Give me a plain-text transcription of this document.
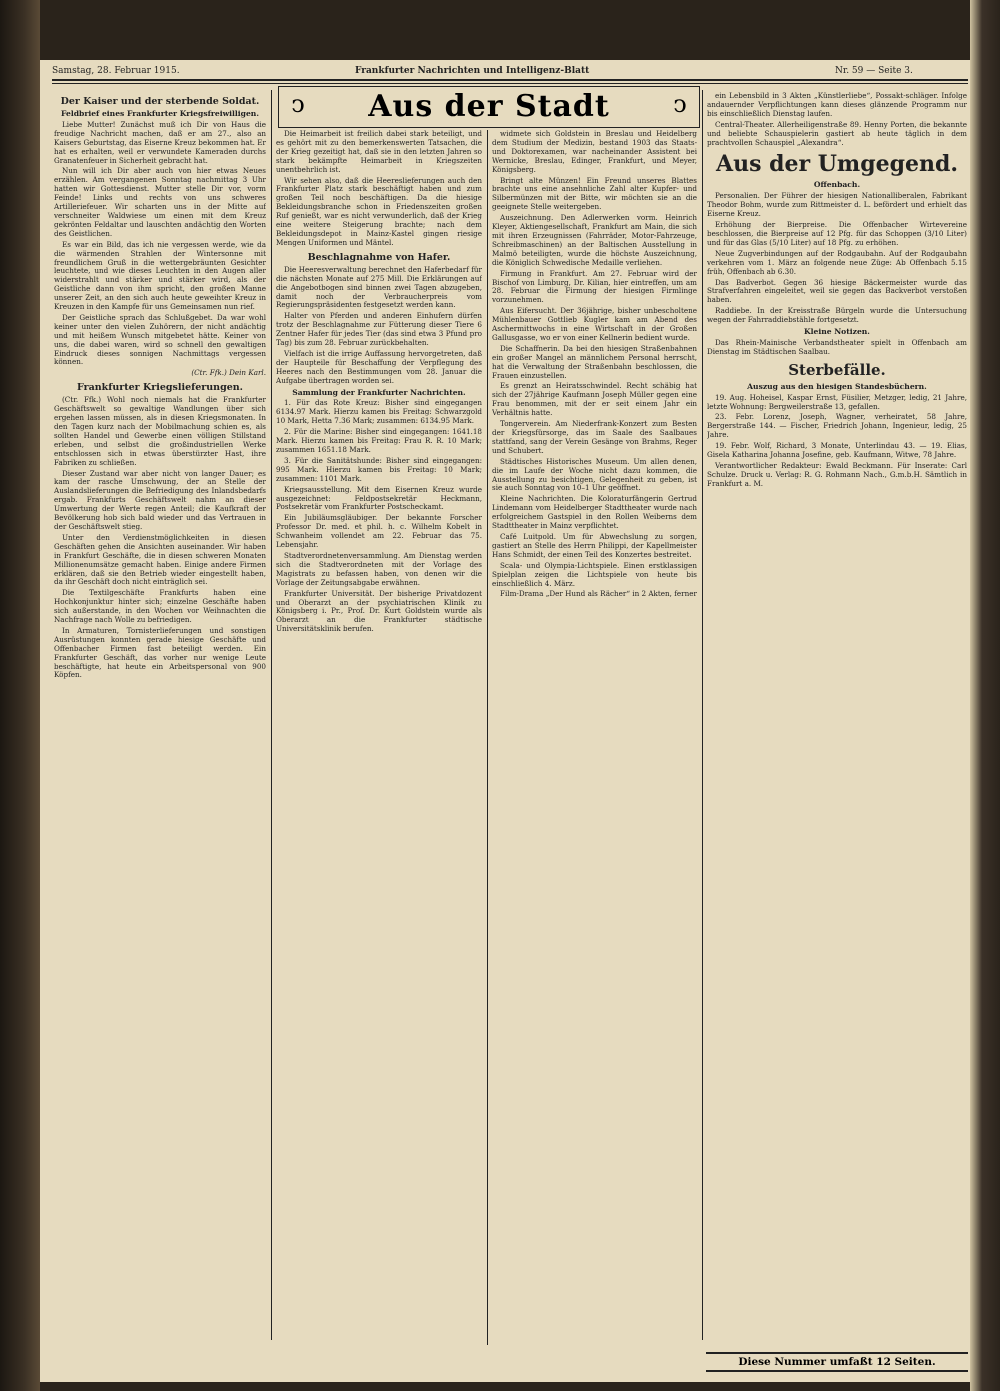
Samstag, 28. Februar 1915.	Frankfurter Nachrichten und Intelligenz-Blatt	Nr. 59 — Seite 3.
ↄ	Aus der Stadt	ↄ
Der Kaiser und der sterbende Soldat.
Feldbrief eines Frankfurter Kriegsfreiwilligen.

Liebe Mutter! Zunächst muß ich Dir von Haus die freudige Nachricht machen, daß er am 27., also an Kaisers Geburtstag, das Eiserne Kreuz bekommen hat. Er hat es erhalten, weil er verwundete Kameraden durchs Granatenfeuer in Sicherheit gebracht hat.

Nun will ich Dir aber auch von hier etwas Neues erzählen. Am vergangenen Sonntag nachmittag 3 Uhr hatten wir Gottesdienst. Mutter stelle Dir vor, vorm Feinde! Links und rechts von uns schweres Artilleriefeuer. Wir scharten uns in der Mitte auf verschneiter Waldwiese um einen mit dem Kreuz gekrönten Feldaltar und lauschten andächtig den Worten des Geistlichen.

Es war ein Bild, das ich nie vergessen werde, wie da die wärmenden Strahlen der Wintersonne mit freundlichem Gruß in die wettergebräunten Gesichter leuchtete, und wie dieses Leuchten in den Augen aller widerstrahlt und stärker und stärker wird, als der Geistliche dann von ihm spricht, den großen Manne unserer Zeit, an den sich auch heute geweihter Kreuz in Kreuzen in den Kampfe für uns Gemeinsamen nun rief.

Der Geistliche sprach das Schlußgebet. Da war wohl keiner unter den vielen Zuhörern, der nicht andächtig und mit heißem Wunsch mitgebetet hätte. Keiner von uns, die dabei waren, wird so schnell den gewaltigen Eindruck dieses sonnigen Nachmittags vergessen können.

(Ctr. Ffk.) Dein Karl.
Frankfurter Kriegslieferungen.

(Ctr. Ffk.) Wohl noch niemals hat die Frankfurter Geschäftswelt so gewaltige Wandlungen über sich ergehen lassen müssen, als in diesen Kriegsmonaten. In den Tagen kurz nach der Mobilmachung schien es, als sollten Handel und Gewerbe einen völligen Stillstand erleben, und selbst die großindustriellen Werke entschlossen sich in etwas überstürzter Hast, ihre Fabriken zu schließen.

Dieser Zustand war aber nicht von langer Dauer; es kam der rasche Umschwung, der an Stelle der Auslandslieferungen die Befriedigung des Inlandsbedarfs ergab. Frankfurts Geschäftswelt nahm an dieser Umwertung der Werte regen Anteil; die Kaufkraft der Bevölkerung hob sich bald wieder und das Vertrauen in der Geschäftswelt stieg.

Unter den Verdienstmöglichkeiten in diesen Geschäften gehen die Ansichten auseinander. Wir haben in Frankfurt Geschäfte, die in diesen schweren Monaten Millionenumsätze gemacht haben. Einige andere Firmen erklären, daß sie den Betrieb wieder eingestellt haben, da ihr Geschäft doch nicht einträglich sei.

Die Textilgeschäfte Frankfurts haben eine Hochkonjunktur hinter sich; einzelne Geschäfte haben sich außerstande, in den Wochen vor Weihnachten die Nachfrage nach Wolle zu befriedigen.

In Armaturen, Tornisterlieferungen und sonstigen Ausrüstungen konnten gerade hiesige Geschäfte und Offenbacher Firmen fast beteiligt werden. Ein Frankfurter Geschäft, das vorher nur wenige Leute beschäftigte, hat heute ein Arbeitspersonal von 900 Köpfen.

Die Heimarbeit ist freilich dabei stark beteiligt, und es gehört mit zu den bemerkenswerten Tatsachen, die der Krieg gezeitigt hat, daß sie in den letzten Jahren so stark bekämpfte Heimarbeit in Kriegszeiten unentbehrlich ist.

Wir sehen also, daß die Heereslieferungen auch den Frankfurter Platz stark beschäftigt haben und zum großen Teil noch beschäftigen. Da die hiesige Bekleidungsbranche schon in Friedenszeiten großen Ruf genießt, war es nicht verwunderlich, daß der Krieg eine weitere Steigerung brachte; nach dem Bekleidungsdepot in Mainz-Kastel gingen riesige Mengen Uniformen und Mäntel.

Beschlagnahme von Hafer.

Die Heeresverwaltung berechnet den Haferbedarf für die nächsten Monate auf 275 Mill. Die Erklärungen auf die Angebotbogen sind binnen zwei Tagen abzugeben, damit noch der Verbraucherpreis vom Regierungspräsidenten festgesetzt werden kann.

Halter von Pferden und anderen Einhufern dürfen trotz der Beschlagnahme zur Fütterung dieser Tiere 6 Zentner Hafer für jedes Tier (das sind etwa 3 Pfund pro Tag) bis zum 28. Februar zurückbehalten.

Vielfach ist die irrige Auffassung hervorgetreten, daß der Haupteile für Beschaffung der Verpflegung des Heeres nach den Bestimmungen vom 28. Januar die Aufgabe übertragen worden sei.

Sammlung der Frankfurter Nachrichten.

1. Für das Rote Kreuz: Bisher sind eingegangen 6134.97 Mark. Hierzu kamen bis Freitag: Schwarzgold 10 Mark, Hetta 7.36 Mark; zusammen: 6134.95 Mark.

2. Für die Marine: Bisher sind eingegangen: 1641.18 Mark. Hierzu kamen bis Freitag: Frau R. R. 10 Mark; zusammen 1651.18 Mark.

3. Für die Sanitätshunde: Bisher sind eingegangen: 995 Mark. Hierzu kamen bis Freitag: 10 Mark; zusammen: 1101 Mark.

Kriegsausstellung. Mit dem Eisernen Kreuz wurde ausgezeichnet: Feldpostsekretär Heckmann, Postsekretär vom Frankfurter Postscheckamt.

Ein Jubiläumsgläubiger. Der bekannte Forscher Professor Dr. med. et phil. h. c. Wilhelm Kobelt in Schwanheim vollendet am 22. Februar das 75. Lebensjahr.

Stadtverordnetenversammlung. Am Dienstag werden sich die Stadtverordneten mit der Vorlage des Magistrats zu befassen haben, von denen wir die Vorlage der Zeitungsabgabe erwähnen.

Frankfurter Universität. Der bisherige Privatdozent und Oberarzt an der psychiatrischen Klinik zu Königsberg i. Pr., Prof. Dr. Kurt Goldstein wurde als Oberarzt an die Frankfurter städtische Universitätsklinik berufen.

widmete sich Goldstein in Breslau und Heidelberg dem Studium der Medizin, bestand 1903 das Staats- und Doktorexamen, war nacheinander Assistent bei Wernicke, Breslau, Edinger, Frankfurt, und Meyer, Königsberg.

Bringt alte Münzen! Ein Freund unseres Blattes brachte uns eine ansehnliche Zahl alter Kupfer- und Silbermünzen mit der Bitte, wir möchten sie an die geeignete Stelle weitergeben.

Auszeichnung. Den Adlerwerken vorm. Heinrich Kleyer, Aktiengesellschaft, Frankfurt am Main, die sich mit ihren Erzeugnissen (Fahrräder, Motor-Fahrzeuge, Schreibmaschinen) an der Baltischen Ausstellung in Malmö beteiligten, wurde die höchste Auszeichnung, die Königlich Schwedische Medaille verliehen.

Firmung in Frankfurt. Am 27. Februar wird der Bischof von Limburg, Dr. Kilian, hier eintreffen, um am 28. Februar die Firmung der hiesigen Firmlinge vorzunehmen.

Aus Eifersucht. Der 36jährige, bisher unbescholtene Mühlenbauer Gottlieb Kugler kam am Abend des Aschermittwochs in eine Wirtschaft in der Großen Gallusgasse, wo er von einer Kellnerin bedient wurde.

Die Schaffnerin. Da bei den hiesigen Straßenbahnen ein großer Mangel an männlichem Personal herrscht, hat die Verwaltung der Straßenbahn beschlossen, die Frauen einzustellen.

Es grenzt an Heiratsschwindel. Recht schäbig hat sich der 27jährige Kaufmann Joseph Müller gegen eine Frau benommen, mit der er seit einem Jahr ein Verhältnis hatte.

Tongerverein. Am Niederfrank-Konzert zum Besten der Kriegsfürsorge, das im Saale des Saalbaues stattfand, sang der Verein Gesänge von Brahms, Reger und Schubert.

Städtisches Historisches Museum. Um allen denen, die im Laufe der Woche nicht dazu kommen, die Ausstellung zu besichtigen, Gelegenheit zu geben, ist sie auch Sonntag von 10–1 Uhr geöffnet.

Kleine Nachrichten. Die Koloraturfängerin Gertrud Lindemann vom Heidelberger Stadttheater wurde nach erfolgreichem Gastspiel in den Rollen Weiberns dem Stadttheater in Mainz verpflichtet.

Café Luitpold. Um für Abwechslung zu sorgen, gastiert an Stelle des Herrn Philippi, der Kapellmeister Hans Schmidt, der einen Teil des Konzertes bestreitet.

Scala- und Olympia-Lichtspiele. Einen erstklassigen Spielplan zeigen die Lichtspiele von heute bis einschließlich 4. März.

Film-Drama „Der Hund als Rächer“ in 2 Akten, ferner

ein Lebensbild in 3 Akten „Künstlerliebe“, Possakt-schläger. Infolge andauernder Verpflichtungen kann dieses glänzende Programm nur bis einschließlich Dienstag laufen.

Central-Theater. Allerheiligenstraße 89. Henny Porten, die bekannte und beliebte Schauspielerin gastiert ab heute täglich in dem prachtvollen Schauspiel „Alexandra“.

Aus der Umgegend.
Offenbach.

Personalien. Der Führer der hiesigen Nationalliberalen, Fabrikant Theodor Bohm, wurde zum Rittmeister d. L. befördert und erhielt das Eiserne Kreuz.

Erhöhung der Bierpreise. Die Offenbacher Wirtevereine beschlossen, die Bierpreise auf 12 Pfg. für das Schoppen (3/10 Liter) und für das Glas (5/10 Liter) auf 18 Pfg. zu erhöhen.

Neue Zugverbindungen auf der Rodgaubahn. Auf der Rodgaubahn verkehren vom 1. März an folgende neue Züge: Ab Offenbach 5.15 früh, Offenbach ab 6.30.

Das Badverbot. Gegen 36 hiesige Bäckermeister wurde das Strafverfahren eingeleitet, weil sie gegen das Backverbot verstoßen haben.

Raddiebe. In der Kreisstraße Bürgeln wurde die Untersuchung wegen der Fahrraddiebstähle fortgesetzt.

Kleine Notizen.

Das Rhein-Mainische Verbandstheater spielt in Offenbach am Dienstag im Städtischen Saalbau.

Sterbefälle.
Auszug aus den hiesigen Standesbüchern.

19. Aug. Hoheisel, Kaspar Ernst, Füsilier, Metzger, ledig, 21 Jahre, letzte Wohnung: Bergweilerstraße 13, gefallen.

23. Febr. Lorenz, Joseph, Wagner, verheiratet, 58 Jahre, Bergerstraße 144. — Fischer, Friedrich Johann, Ingenieur, ledig, 25 Jahre.

19. Febr. Wolf, Richard, 3 Monate, Unterlindau 43. — 19. Elias, Gisela Katharina Johanna Josefine, geb. Kaufmann, Witwe, 78 Jahre.

Verantwortlicher Redakteur: Ewald Beckmann. Für Inserate: Carl Schulze. Druck u. Verlag: R. G. Rohmann Nach., G.m.b.H. Sämtlich in Frankfurt a. M.

Diese Nummer umfaßt 12 Seiten.
